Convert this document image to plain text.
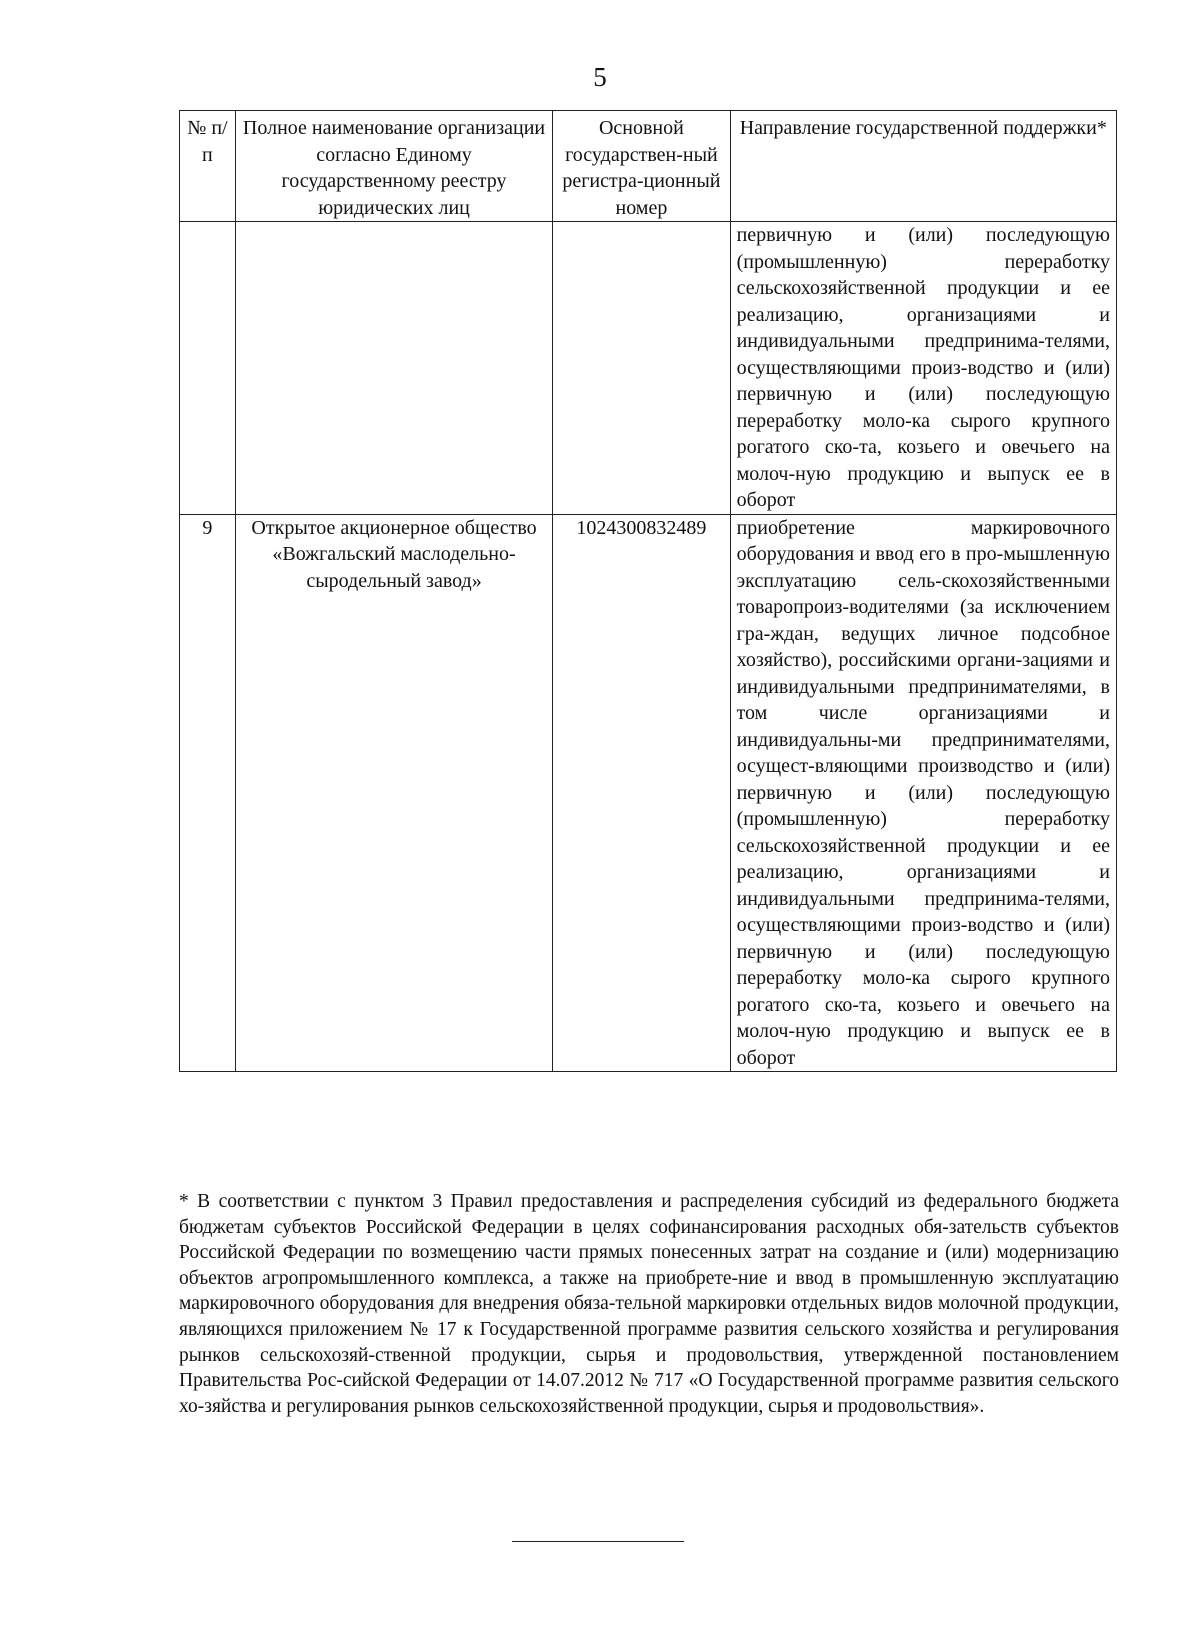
5
№ п/п	Полное наименование организации согласно Единому государственному реестру юридических лиц	Основной государствен-ный регистра-ционный номер	Направление государственной поддержки*
			первичную и (или) последующую (промышленную) переработку сельскохозяйственной продукции и ее реализацию, организациями и индивидуальными предпринима-телями, осуществляющими произ-водство и (или) первичную и (или) последующую переработку моло-ка сырого крупного рогатого ско-та, козьего и овечьего на молоч-ную продукцию и выпуск ее в оборот
9	Открытое акционерное общество «Вожгальский маслодельно-сыродельный завод»	1024300832489	приобретение маркировочного оборудования и ввод его в про-мышленную эксплуатацию сель-скохозяйственными товаропроиз-водителями (за исключением гра-ждан, ведущих личное подсобное хозяйство), российскими органи-зациями и индивидуальными предпринимателями, в том числе организациями и индивидуальны-ми предпринимателями, осущест-вляющими производство и (или) первичную и (или) последующую (промышленную) переработку сельскохозяйственной продукции и ее реализацию, организациями и индивидуальными предпринима-телями, осуществляющими произ-водство и (или) первичную и (или) последующую переработку моло-ка сырого крупного рогатого ско-та, козьего и овечьего на молоч-ную продукцию и выпуск ее в оборот
* В соответствии с пунктом 3 Правил предоставления и распределения субсидий из федерального бюджета бюджетам субъектов Российской Федерации в целях софинансирования расходных обя-зательств субъектов Российской Федерации по возмещению части прямых понесенных затрат на создание и (или) модернизацию объектов агропромышленного комплекса, а также на приобрете-ние и ввод в промышленную эксплуатацию маркировочного оборудования для внедрения обяза-тельной маркировки отдельных видов молочной продукции, являющихся приложением № 17 к Государственной программе развития сельского хозяйства и регулирования рынков сельскохозяй-ственной продукции, сырья и продовольствия, утвержденной постановлением Правительства Рос-сийской Федерации от 14.07.2012 № 717 «О Государственной программе развития сельского хо-зяйства и регулирования рынков сельскохозяйственной продукции, сырья и продовольствия».
